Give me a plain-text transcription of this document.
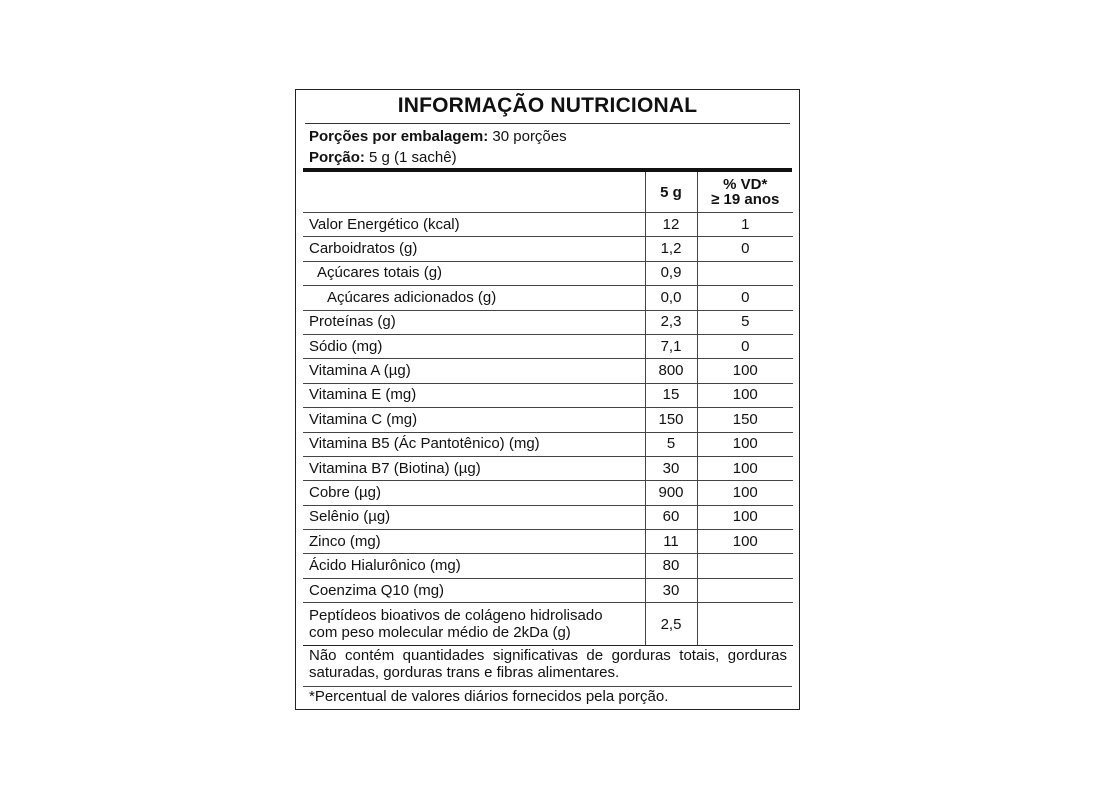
INFORMAÇÃO NUTRICIONAL
Porções por embalagem: 30 porções
Porção: 5 g (1 sachê)
	5 g	% VD*
≥ 19 anos
Valor Energético (kcal)	12	1
Carboidratos (g)	1,2	0
Açúcares totais (g)	0,9	
Açúcares adicionados (g)	0,0	0
Proteínas (g)	2,3	5
Sódio (mg)	7,1	0
Vitamina A (µg)	800	100
Vitamina E (mg)	15	100
Vitamina C (mg)	150	150
Vitamina B5 (Ác Pantotênico) (mg)	5	100
Vitamina B7 (Biotina) (µg)	30	100
Cobre (µg)	900	100
Selênio (µg)	60	100
Zinco (mg)	11	100
Ácido Hialurônico (mg)	80	
Coenzima Q10 (mg)	30	
Peptídeos bioativos de colágeno hidrolisado
com peso molecular médio de 2kDa (g)	2,5	
Não contém quantidades significativas de gorduras totais, gorduras saturadas, gorduras trans e fibras alimentares.
*Percentual de valores diários fornecidos pela porção.
